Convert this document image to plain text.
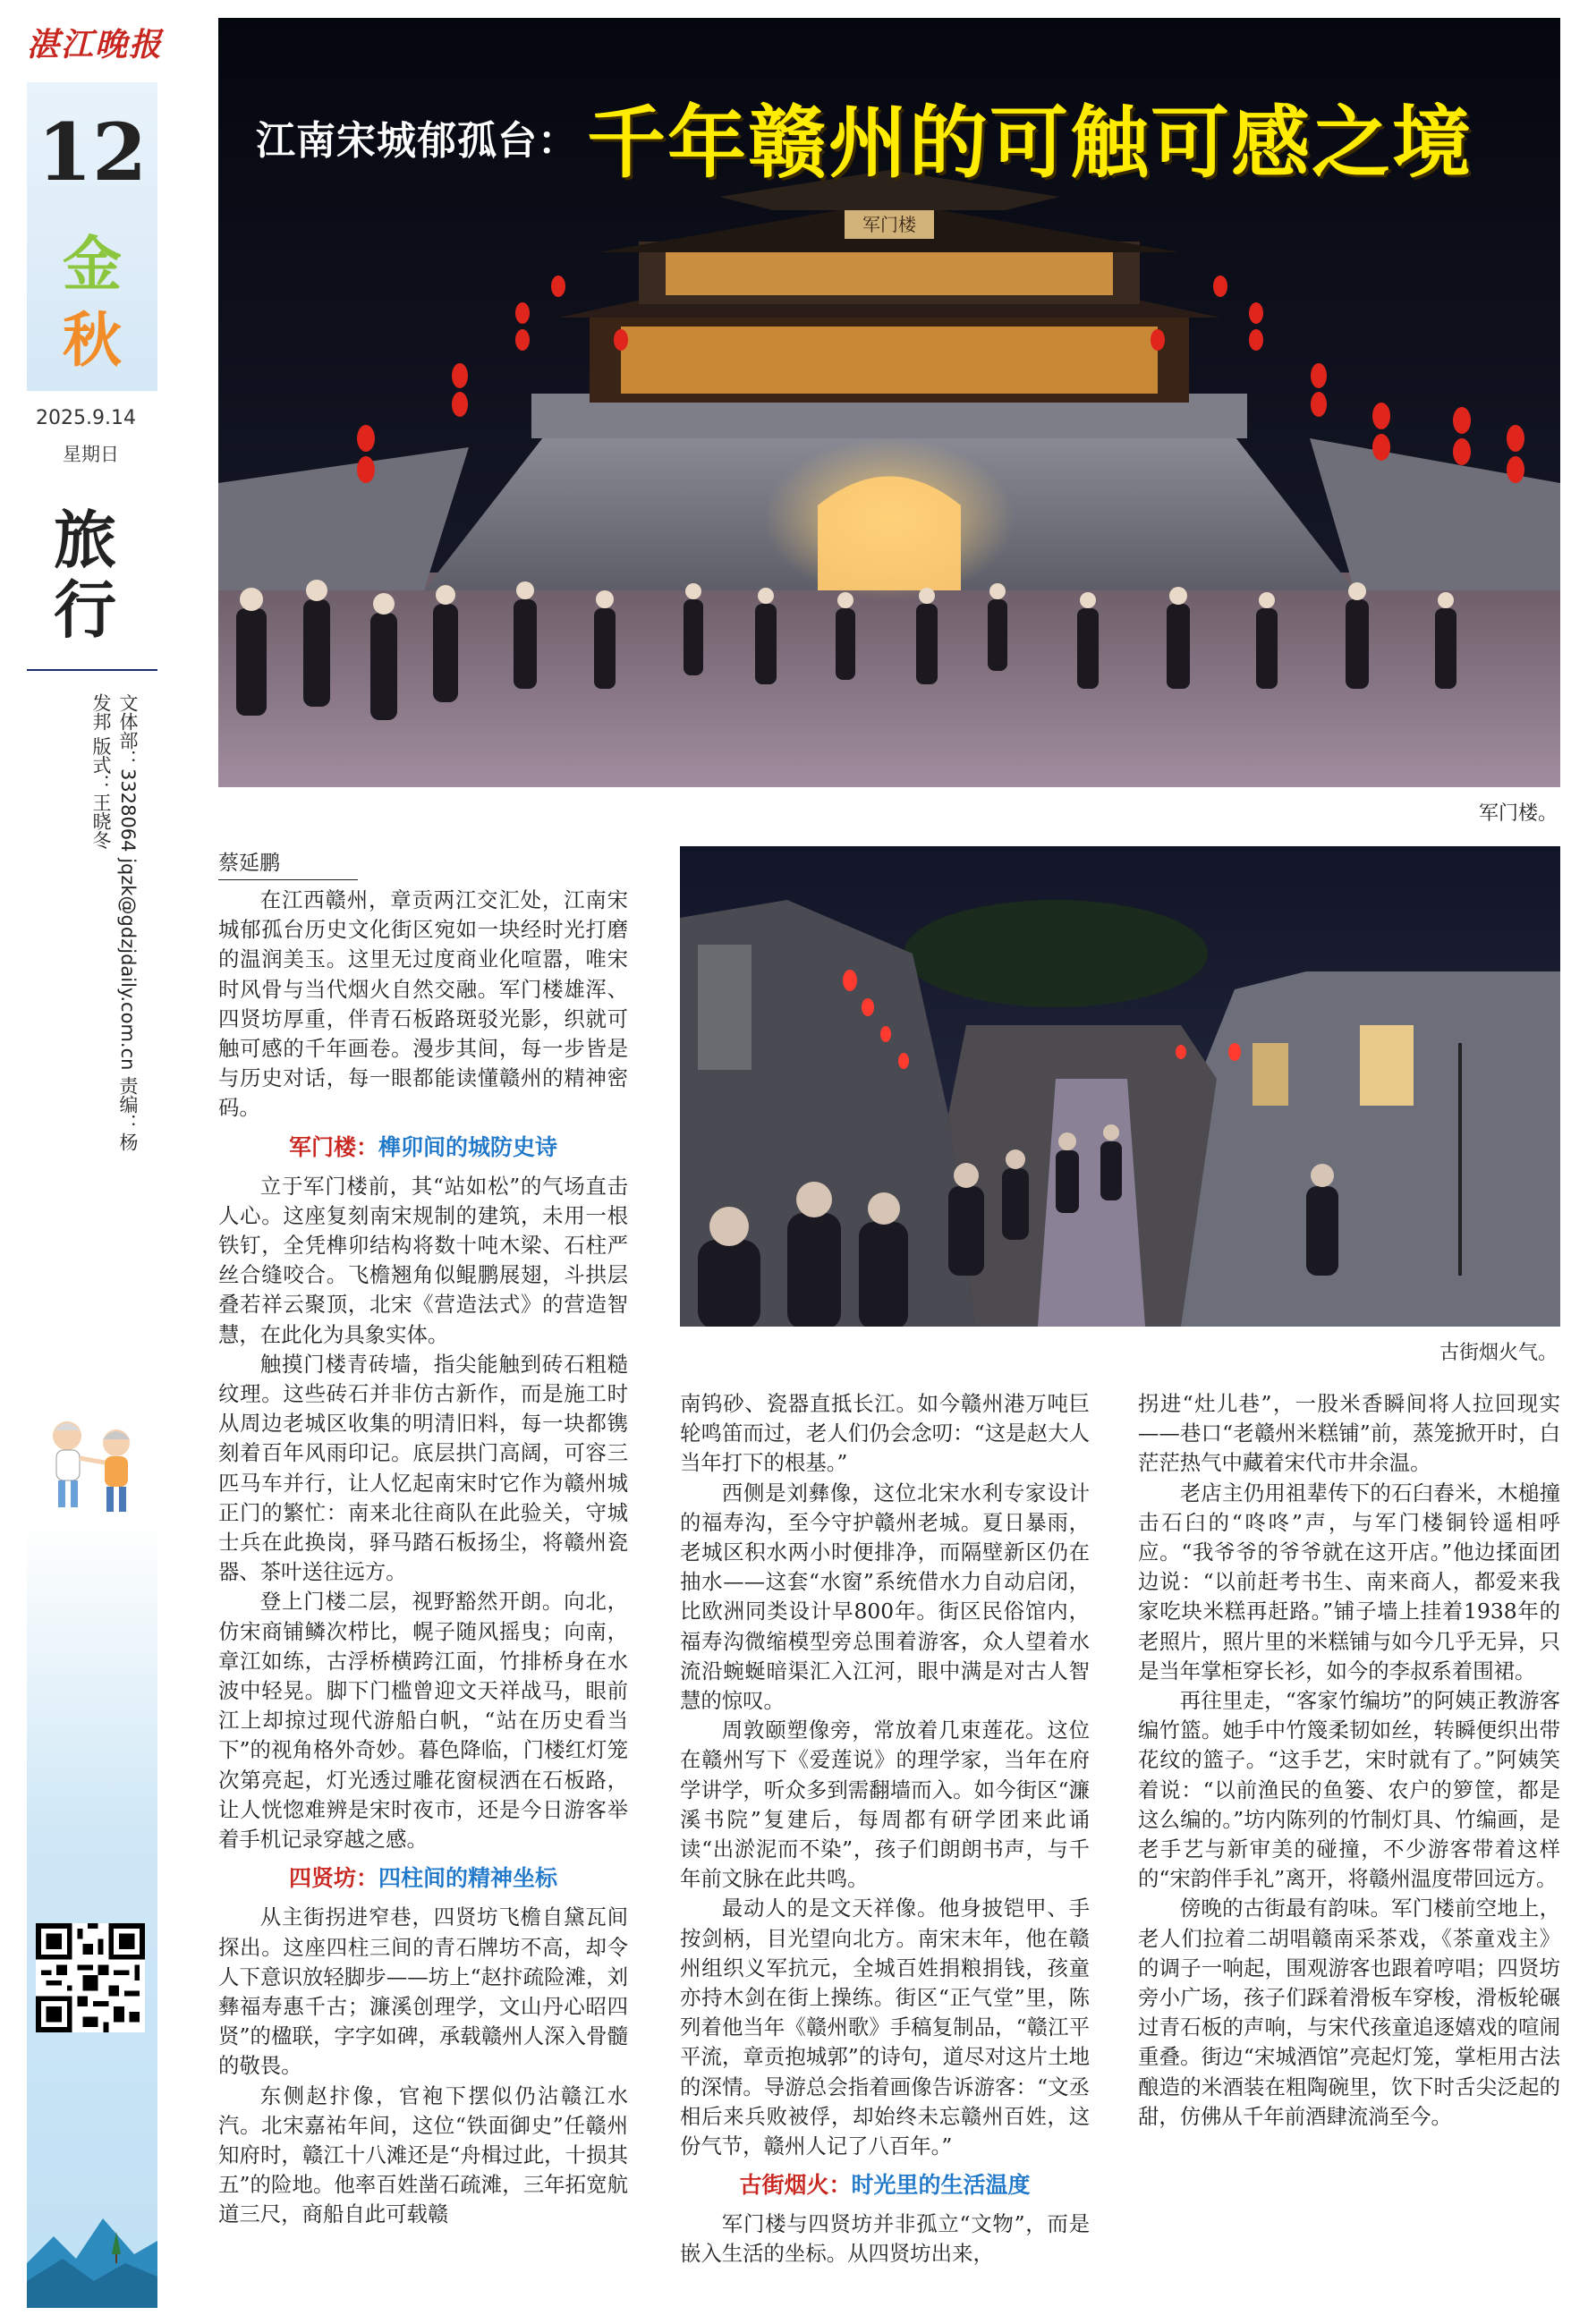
湛江晚报
12
金
秋
2025.9.14
星期日
旅行
文体部：3328064 jqzk@gdzjdaily.com.cn 责编：杨发邦 版式：王晓冬
军门楼
江南宋城郁孤台： 千年赣州的可触可感之境
军门楼。
古街烟火气。
蔡延鹏

在江西赣州，章贡两江交汇处，江南宋城郁孤台历史文化街区宛如一块经时光打磨的温润美玉。这里无过度商业化喧嚣，唯宋时风骨与当代烟火自然交融。军门楼雄浑、四贤坊厚重，伴青石板路斑驳光影，织就可触可感的千年画卷。漫步其间，每一步皆是与历史对话，每一眼都能读懂赣州的精神密码。

军门楼：榫卯间的城防史诗

立于军门楼前，其“站如松”的气场直击人心。这座复刻南宋规制的建筑，未用一根铁钉，全凭榫卯结构将数十吨木梁、石柱严丝合缝咬合。飞檐翘角似鲲鹏展翅，斗拱层叠若祥云聚顶，北宋《营造法式》的营造智慧，在此化为具象实体。

触摸门楼青砖墙，指尖能触到砖石粗糙纹理。这些砖石并非仿古新作，而是施工时从周边老城区收集的明清旧料，每一块都镌刻着百年风雨印记。底层拱门高阔，可容三匹马车并行，让人忆起南宋时它作为赣州城正门的繁忙：南来北往商队在此验关，守城士兵在此换岗，驿马踏石板扬尘，将赣州瓷器、茶叶送往远方。

登上门楼二层，视野豁然开朗。向北，仿宋商铺鳞次栉比，幌子随风摇曳；向南，章江如练，古浮桥横跨江面，竹排桥身在水波中轻晃。脚下门槛曾迎文天祥战马，眼前江上却掠过现代游船白帆，“站在历史看当下”的视角格外奇妙。暮色降临，门楼红灯笼次第亮起，灯光透过雕花窗棂洒在石板路，让人恍惚难辨是宋时夜市，还是今日游客举着手机记录穿越之感。

四贤坊：四柱间的精神坐标

从主街拐进窄巷，四贤坊飞檐自黛瓦间探出。这座四柱三间的青石牌坊不高，却令人下意识放轻脚步——坊上“赵抃疏险滩，刘彝福寿惠千古；濂溪创理学，文山丹心昭四贤”的楹联，字字如碑，承载赣州人深入骨髓的敬畏。

东侧赵抃像，官袍下摆似仍沾赣江水汽。北宋嘉祐年间，这位“铁面御史”任赣州知府时，赣江十八滩还是“舟楫过此，十损其五”的险地。他率百姓凿石疏滩，三年拓宽航道三尺，商船自此可载赣

南钨砂、瓷器直抵长江。如今赣州港万吨巨轮鸣笛而过，老人们仍会念叨：“这是赵大人当年打下的根基。”

西侧是刘彝像，这位北宋水利专家设计的福寿沟，至今守护赣州老城。夏日暴雨，老城区积水两小时便排净，而隔壁新区仍在抽水——这套“水窗”系统借水力自动启闭，比欧洲同类设计早800年。街区民俗馆内，福寿沟微缩模型旁总围着游客，众人望着水流沿蜿蜒暗渠汇入江河，眼中满是对古人智慧的惊叹。

周敦颐塑像旁，常放着几束莲花。这位在赣州写下《爱莲说》的理学家，当年在府学讲学，听众多到需翻墙而入。如今街区“濂溪书院”复建后，每周都有研学团来此诵读“出淤泥而不染”，孩子们朗朗书声，与千年前文脉在此共鸣。

最动人的是文天祥像。他身披铠甲、手按剑柄，目光望向北方。南宋末年，他在赣州组织义军抗元，全城百姓捐粮捐钱，孩童亦持木剑在街上操练。街区“正气堂”里，陈列着他当年《赣州歌》手稿复制品，“赣江平平流，章贡抱城郭”的诗句，道尽对这片土地的深情。导游总会指着画像告诉游客：“文丞相后来兵败被俘，却始终未忘赣州百姓，这份气节，赣州人记了八百年。”

古街烟火：时光里的生活温度

军门楼与四贤坊并非孤立“文物”，而是嵌入生活的坐标。从四贤坊出来，

拐进“灶儿巷”，一股米香瞬间将人拉回现实——巷口“老赣州米糕铺”前，蒸笼掀开时，白茫茫热气中藏着宋代市井余温。

老店主仍用祖辈传下的石臼舂米，木槌撞击石臼的“咚咚”声，与军门楼铜铃遥相呼应。“我爷爷的爷爷就在这开店。”他边揉面团边说：“以前赶考书生、南来商人，都爱来我家吃块米糕再赶路。”铺子墙上挂着1938年的老照片，照片里的米糕铺与如今几乎无异，只是当年掌柜穿长衫，如今的李叔系着围裙。

再往里走，“客家竹编坊”的阿姨正教游客编竹篮。她手中竹篾柔韧如丝，转瞬便织出带花纹的篮子。“这手艺，宋时就有了。”阿姨笑着说：“以前渔民的鱼篓、农户的箩筐，都是这么编的。”坊内陈列的竹制灯具、竹编画，是老手艺与新审美的碰撞，不少游客带着这样的“宋韵伴手礼”离开，将赣州温度带回远方。

傍晚的古街最有韵味。军门楼前空地上，老人们拉着二胡唱赣南采茶戏，《茶童戏主》的调子一响起，围观游客也跟着哼唱；四贤坊旁小广场，孩子们踩着滑板车穿梭，滑板轮碾过青石板的声响，与宋代孩童追逐嬉戏的喧闹重叠。街边“宋城酒馆”亮起灯笼，掌柜用古法酿造的米酒装在粗陶碗里，饮下时舌尖泛起的甜，仿佛从千年前酒肆流淌至今。
